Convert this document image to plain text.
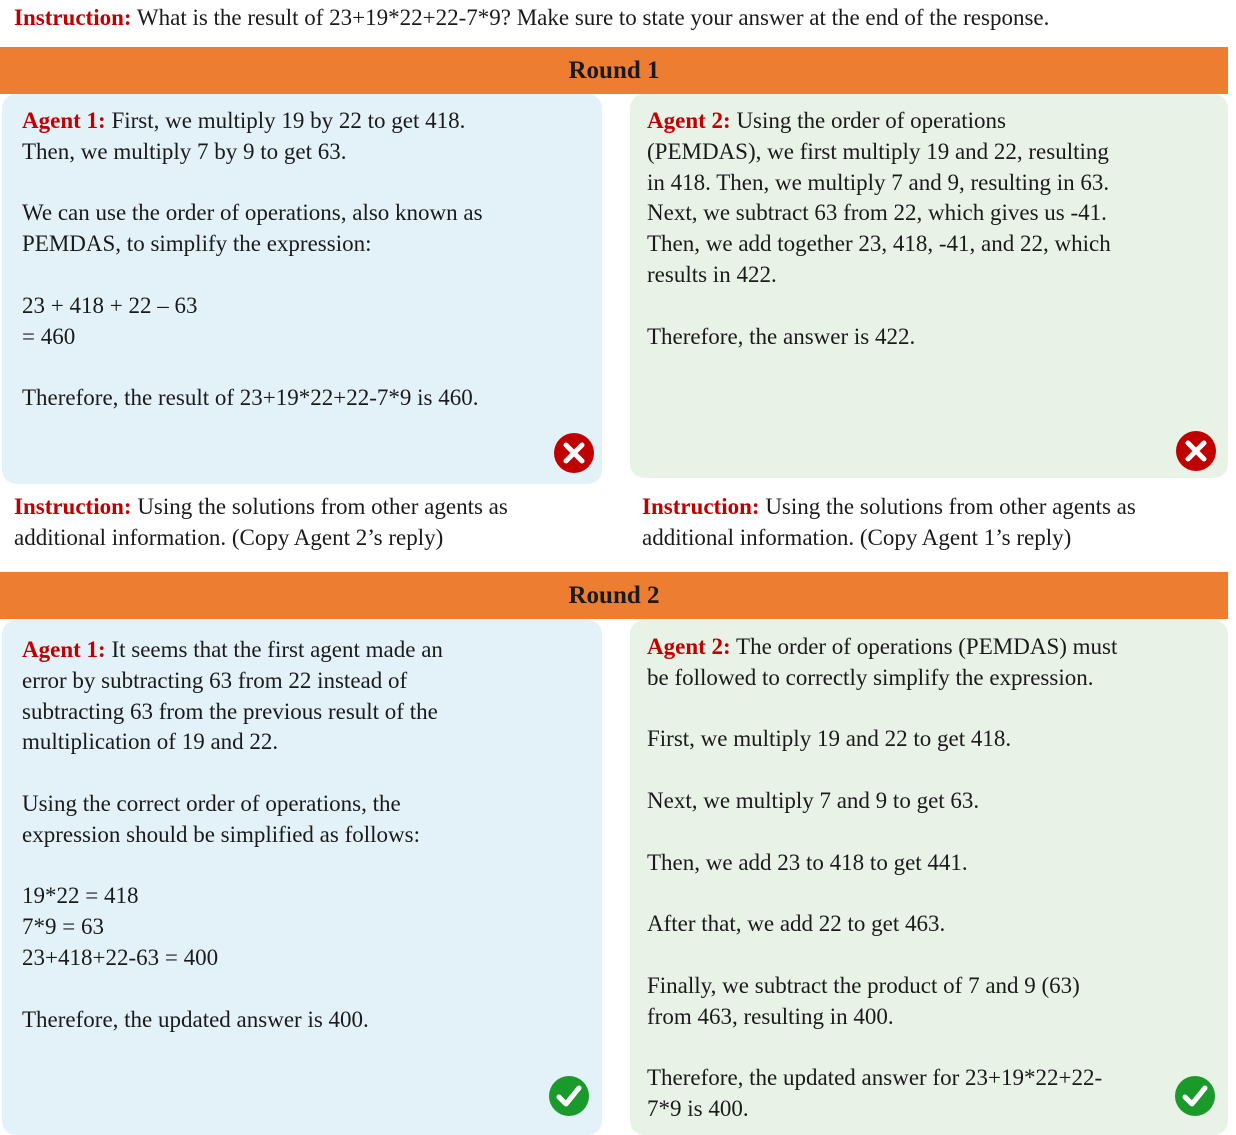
Instruction: What is the result of 23+19*22+22-7*9? Make sure to state your answer at the end of the response.
Round 1

Agent 1: First, we multiply 19 by 22 to get 418.

Then, we multiply 7 by 9 to get 63.

We can use the order of operations, also known as

PEMDAS, to simplify the expression:

23 + 418 + 22 – 63

= 460

Therefore, the result of 23+19*22+22-7*9 is 460.

Agent 2: Using the order of operations

(PEMDAS), we first multiply 19 and 22, resulting

in 418. Then, we multiply 7 and 9, resulting in 63.

Next, we subtract 63 from 22, which gives us -41.

Then, we add together 23, 418, -41, and 22, which

results in 422.

Therefore, the answer is 422.

Instruction: Using the solutions from other agents as
additional information. (Copy Agent 2’s reply)
Instruction: Using the solutions from other agents as
additional information. (Copy Agent 1’s reply)
Round 2

Agent 1: It seems that the first agent made an

error by subtracting 63 from 22 instead of

subtracting 63 from the previous result of the

multiplication of 19 and 22.

Using the correct order of operations, the

expression should be simplified as follows:

19*22 = 418

7*9 = 63

23+418+22-63 = 400

Therefore, the updated answer is 400.

Agent 2: The order of operations (PEMDAS) must

be followed to correctly simplify the expression.

First, we multiply 19 and 22 to get 418.

Next, we multiply 7 and 9 to get 63.

Then, we add 23 to 418 to get 441.

After that, we add 22 to get 463.

Finally, we subtract the product of 7 and 9 (63)

from 463, resulting in 400.

Therefore, the updated answer for 23+19*22+22-

7*9 is 400.
